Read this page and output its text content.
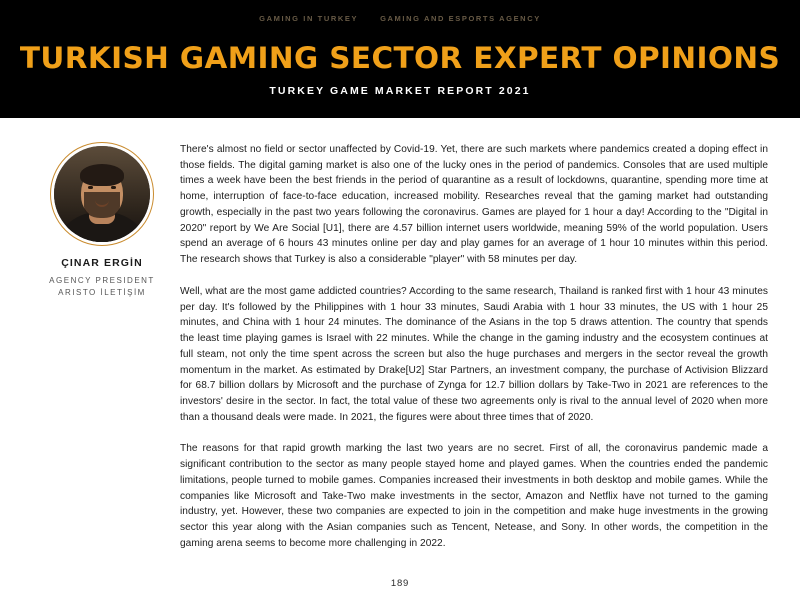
GAMING IN TURKEY	GAMING AND ESPORTS AGENCY
TURKISH GAMING SECTOR EXPERT OPINIONS
TURKEY GAME MARKET REPORT 2021
ÇINAR ERGİN
AGENCY PRESIDENT
ARISTO İLETİŞİM

There's almost no field or sector unaffected by Covid-19. Yet, there are such markets where pandemics created a doping effect in those fields. The digital gaming market is also one of the lucky ones in the period of pandemics. Consoles that are used multiple times a week have been the best friends in the period of quarantine as a result of lockdowns, quarantine, spending more time at home, interruption of face-to-face education, increased mobility. Researches reveal that the gaming market had outstanding growth, especially in the past two years following the coronavirus. Games are played for 1 hour a day! According to the "Digital in 2020" report by We Are Social [U1], there are 4.57 billion internet users worldwide, meaning 59% of the world population. Users spend an average of 6 hours 43 minutes online per day and play games for an average of 1 hour 10 minutes within this period. The research shows that Turkey is also a considerable "player" with 58 minutes per day.

Well, what are the most game addicted countries? According to the same research, Thailand is ranked first with 1 hour 43 minutes per day. It's followed by the Philippines with 1 hour 33 minutes, Saudi Arabia with 1 hour 33 minutes, the US with 1 hour 25 minutes, and China with 1 hour 24 minutes. The dominance of the Asians in the top 5 draws attention. The country that spends the least time playing games is Israel with 22 minutes. While the change in the gaming industry and the ecosystem continues at full steam, not only the time spent across the screen but also the huge purchases and mergers in the sector reveal the growth momentum in the market. As estimated by Drake[U2] Star Partners, an investment company, the purchase of Activision Blizzard for 68.7 billion dollars by Microsoft and the purchase of Zynga for 12.7 billion dollars by Take-Two in 2021 are references to the investors' desire in the sector. In fact, the total value of these two agreements only is rival to the annual level of 2020 when more than a thousand deals were made. In 2021, the figures were about three times that of 2020.

The reasons for that rapid growth marking the last two years are no secret. First of all, the coronavirus pandemic made a significant contribution to the sector as many people stayed home and played games. When the countries ended the pandemic limitations, people turned to mobile games. Companies increased their investments in both desktop and mobile games. While the companies like Microsoft and Take-Two make investments in the sector, Amazon and Netflix have not turned to the gaming industry, yet. However, these two companies are expected to join in the competition and make huge investments in the growing sector this year along with the Asian companies such as Tencent, Netease, and Sony. In other words, the competition in the gaming arena seems to become more challenging in 2022.

189
